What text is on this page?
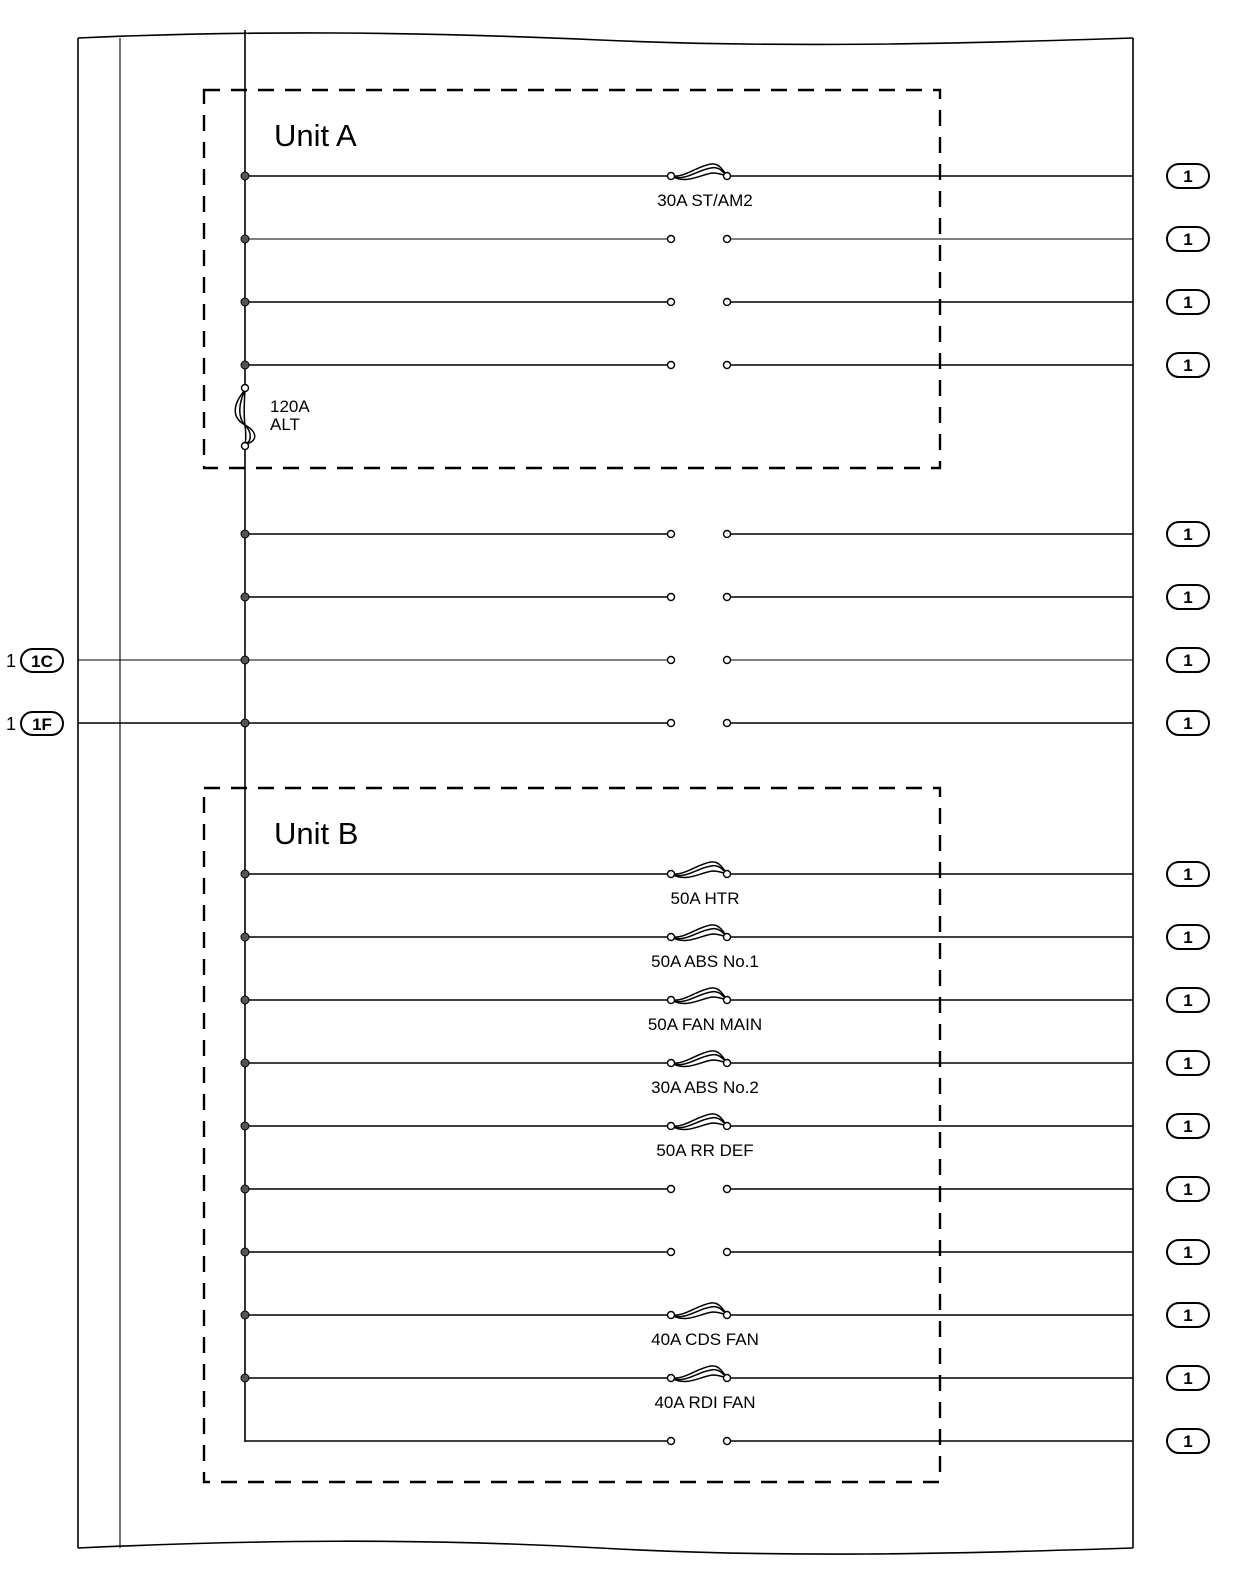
Unit A
Unit B
120A
ALT
1 1C
1 1F
30A ST/AM2
1
1
1
1
1
1
1
1
50A HTR
1
50A ABS No.1
1
50A FAN MAIN
1
30A ABS No.2
1
50A RR DEF
1
1
1
40A CDS FAN
1
40A RDI FAN
1
1
